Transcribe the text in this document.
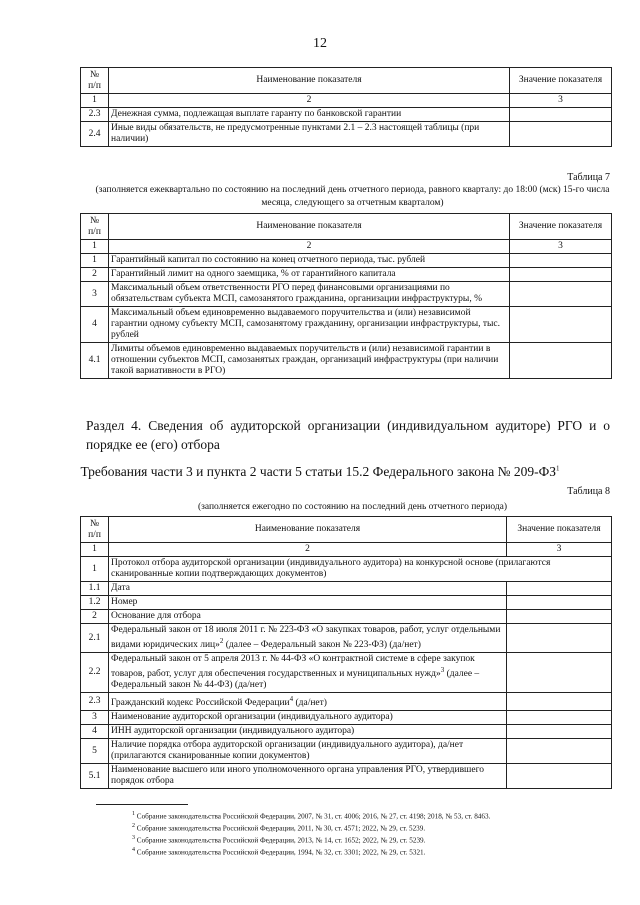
12
№
п/п	Наименование показателя	Значение показателя
1	2	3
2.3	Денежная сумма, подлежащая выплате гаранту по банковской гарантии	
2.4	Иные виды обязательств, не предусмотренные пунктами 2.1 – 2.3 настоящей таблицы (при наличии)	
Таблица 7
(заполняется ежеквартально по состоянию на последний день отчетного периода, равного кварталу: до 18:00 (мск) 15-го числа месяца, следующего за отчетным кварталом)
№
п/п	Наименование показателя	Значение показателя
1	2	3
1	Гарантийный капитал по состоянию на конец отчетного периода, тыс. рублей	
2	Гарантийный лимит на одного заемщика, % от гарантийного капитала	
3	Максимальный объем ответственности РГО перед финансовыми организациями по обязательствам субъекта МСП, самозанятого гражданина, организации инфраструктуры, %	
4	Максимальный объем единовременно выдаваемого поручительства и (или) независимой гарантии одному субъекту МСП, самозанятому гражданину, организации инфраструктуры, тыс. рублей	
4.1	Лимиты объемов единовременно выдаваемых поручительств и (или) независимой гарантии в отношении субъектов МСП, самозанятых граждан, организаций инфраструктуры (при наличии такой вариативности в РГО)	
Раздел 4. Сведения об аудиторской организации (индивидуальном аудиторе) РГО и о порядке ее (его) отбора
Требования части 3 и пункта 2 части 5 статьи 15.2 Федерального закона № $209-ФЗ^1$
Таблица 8
(заполняется ежегодно по состоянию на последний день отчетного периода)
№
п/п	Наименование показателя	Значение показателя
1	2	3
1	Протокол отбора аудиторской организации (индивидуального аудитора) на конкурсной основе (прилагаются сканированные копии подтверждающих документов)	
1.1	Дата	
1.2	Номер	
2	Основание для отбора	
2.1	Федеральный закон от 18 июля 2011 г. № 223-ФЗ «О закупках товаров, работ, услуг отдельными видами юридических лиц»$^2$ (далее – Федеральный закон № 223-ФЗ) (да/нет)	
2.2	Федеральный закон от 5 апреля 2013 г. № 44-ФЗ «О контрактной системе в сфере закупок товаров, работ, услуг для обеспечения государственных и муниципальных нужд»$^3$ (далее – Федеральный закон № 44-ФЗ) (да/нет)	
2.3	Гражданский кодекс Российской Федерации$^4$ (да/нет)	
3	Наименование аудиторской организации (индивидуального аудитора)	
4	ИНН аудиторской организации (индивидуального аудитора)	
5	Наличие порядка отбора аудиторской организации (индивидуального аудитора), да/нет (прилагаются сканированные копии документов)	
5.1	Наименование высшего или иного уполномоченного органа управления РГО, утвердившего порядок отбора	
$^1$ Собрание законодательства Российской Федерации, 2007, № 31, ст. 4006; 2016, № 27, ст. 4198; 2018, № 53, ст. 8463.
$^2$ Собрание законодательства Российской Федерации, 2011, № 30, ст. 4571; 2022, № 29, ст. 5239.
$^3$ Собрание законодательства Российской Федерации, 2013, № 14, ст. 1652; 2022, № 29, ст. 5239.
$^4$ Собрание законодательства Российской Федерации, 1994, № 32, ст. 3301; 2022, № 29, ст. 5321.
